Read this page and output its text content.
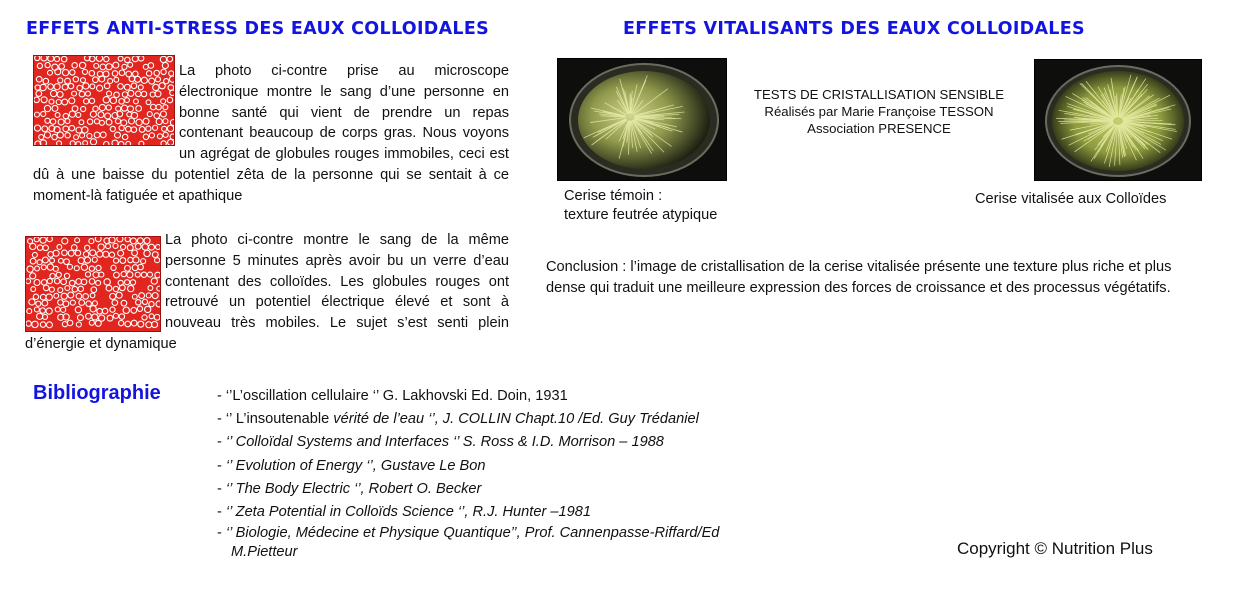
EFFETS ANTI-STRESS DES EAUX COLLOIDALES
La photo ci-contre prise au microscope électronique montre le sang d’une personne en bonne santé qui vient de prendre un repas contenant beaucoup de corps gras. Nous voyons un agrégat de globules rouges immobiles, ceci est dû à une baisse du potentiel zêta de la personne qui se sentait à ce moment-là fatiguée et apathique
La photo ci-contre montre le sang de la même personne 5 minutes après avoir bu un verre d’eau contenant des colloïdes. Les globules rouges ont retrouvé un potentiel électrique élevé et sont à nouveau très mobiles. Le sujet s’est senti plein d’énergie et dynamique
EFFETS VITALISANTS DES EAUX COLLOIDALES
TESTS DE CRISTALLISATION SENSIBLE
Réalisés par Marie Françoise TESSON
Association PRESENCE
Cerise témoin :
texture feutrée atypique
Cerise vitalisée aux Colloïdes
Conclusion : l’image de cristallisation de la cerise vitalisée présente une texture plus riche et plus dense qui traduit une meilleure expression des forces de croissance et des processus végétatifs.
Bibliographie	- ‘’L’oscillation cellulaire ‘’ G. Lakhovski Ed. Doin, 1931
- ‘’ L’insoutenable vérité de l’eau ‘’, J. COLLIN Chapt.10 /Ed. Guy Trédaniel
- ‘’ Colloïdal Systems and Interfaces ‘’ S. Ross & I.D. Morrison – 1988
- ‘’ Evolution of Energy ‘’, Gustave Le Bon
- ‘’ The Body Electric ‘’, Robert O. Becker
- ‘’ Zeta Potential in Colloïds Science ‘’, R.J. Hunter –1981
- ‘’ Biologie, Médecine et Physique Quantique’’, Prof. Cannenpasse-Riffard/Ed
M.Pietteur	Copyright © Nutrition Plus
